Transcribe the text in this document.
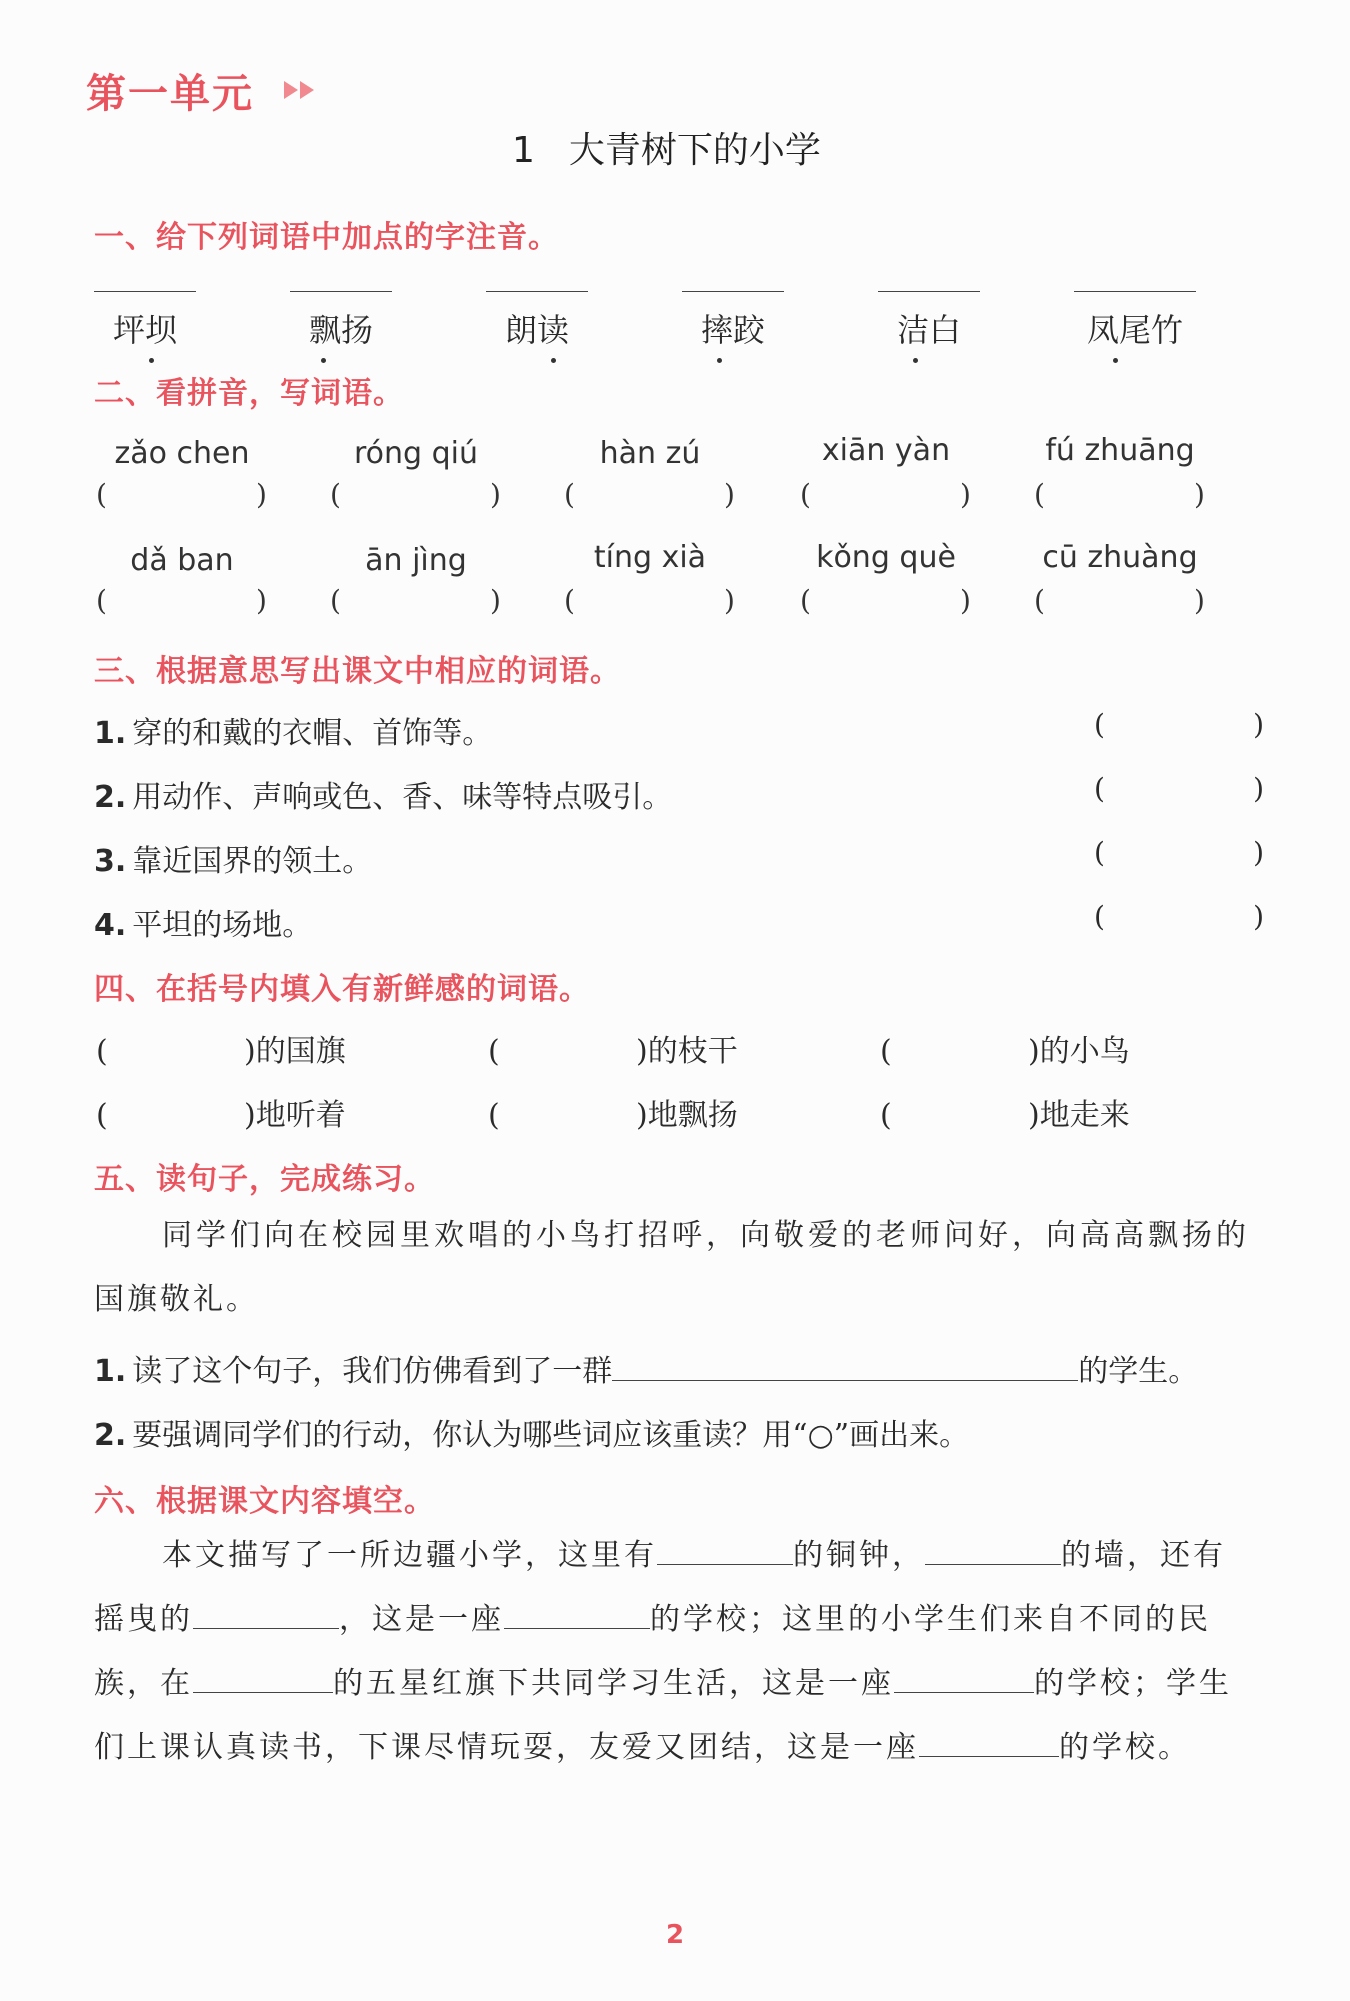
第一单元
1 大青树下的小学
一、给下列词语中加点的字注音。
坪坝	飘扬	朗读	摔跤	洁白	凤尾竹
二、看拼音，写词语。
zǎo chen	róng qiú	hàn zú	xiān yàn	fú zhuāng
(	) (	) (	) (	) (	)
dǎ ban	ān jìng	tíng xià	kǒng què	cū zhuàng
(	) (	) (	) (	) (	)
三、根据意思写出课文中相应的词语。
1. 穿的和戴的衣帽、首饰等。	(	)
2. 用动作、声响或色、香、味等特点吸引。	(	)
3. 靠近国界的领土。	(	)
4. 平坦的场地。	(	)
四、在括号内填入有新鲜感的词语。
(	)的国旗	(	)的枝干	(	)的小鸟
(	)地听着	(	)地飘扬	(	)地走来
五、读句子，完成练习。
同学们向在校园里欢唱的小鸟打招呼，向敬爱的老师问好，向高高飘扬的
国旗敬礼。
1. 读了这个句子，我们仿佛看到了一群	的学生。
2. 要强调同学们的行动，你认为哪些词应该重读？用“○”画出来。
六、根据课文内容填空。
本文描写了一所边疆小学，这里有	的铜钟，	的墙，还有
摇曳的	，这是一座	的学校；这里的小学生们来自不同的民
族，在	的五星红旗下共同学习生活，这是一座	的学校；学生
们上课认真读书，下课尽情玩耍，友爱又团结，这是一座	的学校。
2
